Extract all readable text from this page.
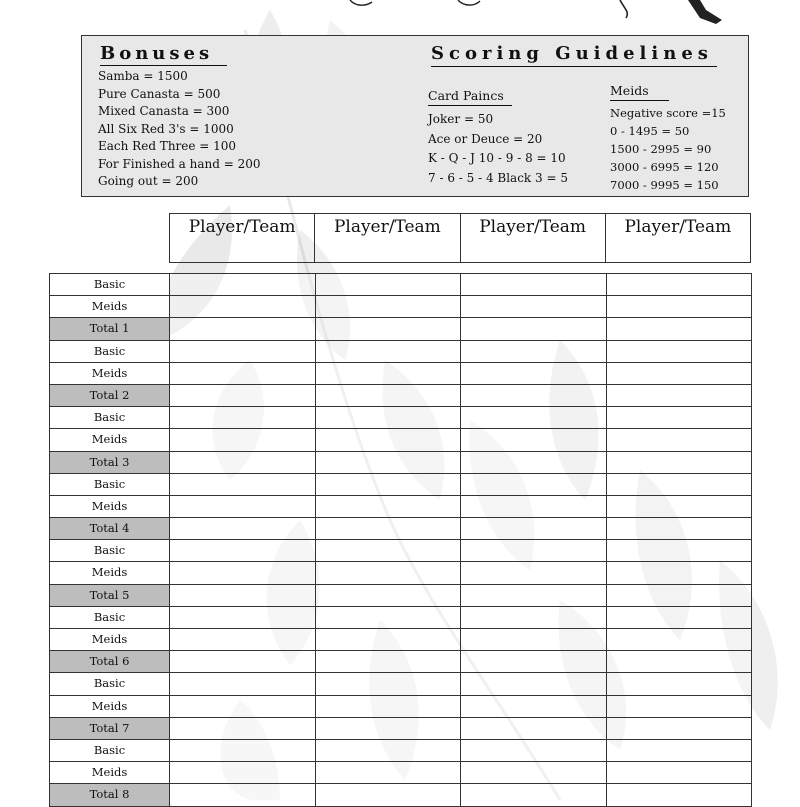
Bonuses
Samba = 1500
Pure Canasta = 500
Mixed Canasta = 300
All Six Red 3's = 1000
Each Red Three = 100
For Finished a hand = 200
Going out = 200
Scoring Guidelines
Card Paincs
Joker = 50
Ace or Deuce = 20
K - Q - J 10 - 9 - 8 = 10
7 - 6 - 5 - 4 Black 3 = 5
Meids
Negative score =15
0 - 1495 = 50
1500 - 2995 = 90
3000 - 6995 = 120
7000 - 9995 = 150
Player/Team	Player/Team	Player/Team	Player/Team
Basic
Meids
Total 1
Basic
Meids
Total 2
Basic
Meids
Total 3
Basic
Meids
Total 4
Basic
Meids
Total 5
Basic
Meids
Total 6
Basic
Meids
Total 7
Basic
Meids
Total 8
